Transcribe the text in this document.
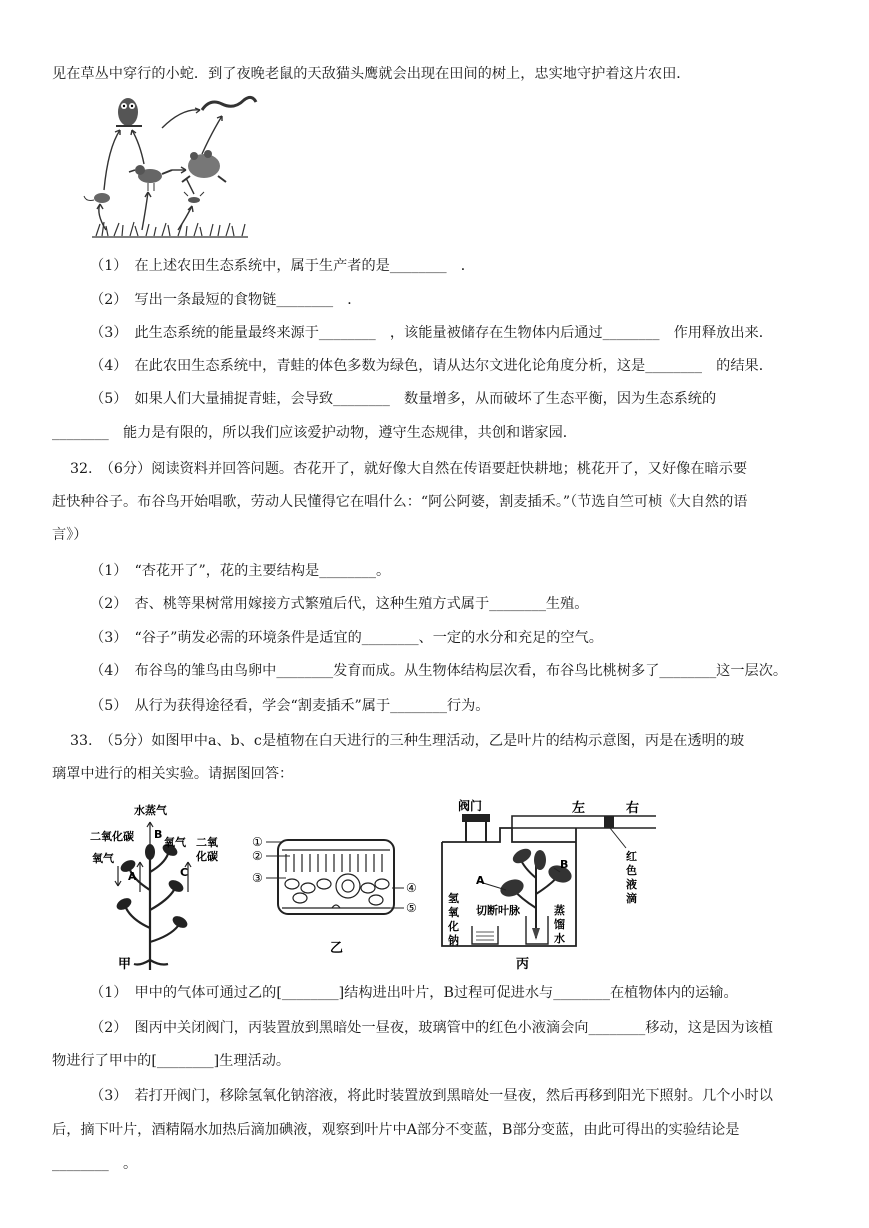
见在草丛中穿行的小蛇．到了夜晚老鼠的天敌猫头鹰就会出现在田间的树上，忠实地守护着这片农田．
（1）　在上述农田生态系统中，属于生产者的是________　．
（2）　写出一条最短的食物链________　．
（3）　此生态系统的能量最终来源于________　，该能量被储存在生物体内后通过________　作用释放出来．
（4）　在此农田生态系统中，青蛙的体色多数为绿色，请从达尔文进化论角度分析，这是________　的结果．
（5）　如果人们大量捕捉青蛙，会导致________　数量增多，从而破坏了生态平衡，因为生态系统的
________　能力是有限的，所以我们应该爱护动物，遵守生态规律，共创和谐家园．
32.　（6分）阅读资料并回答问题。杏花开了，就好像大自然在传语要赶快耕地；桃花开了，又好像在暗示要
赶快种谷子。布谷鸟开始唱歌，劳动人民懂得它在唱什么：“阿公阿婆，割麦插禾。”（节选自竺可桢《大自然的语
言》）
（1）　“杏花开了”，花的主要结构是________。
（2）　杏、桃等果树常用嫁接方式繁殖后代，这种生殖方式属于________生殖。
（3）　“谷子”萌发必需的环境条件是适宜的________、一定的水分和充足的空气。
（4）　布谷鸟的雏鸟由鸟卵中________发育而成。从生物体结构层次看，布谷鸟比桃树多了________这一层次。
（5）　从行为获得途径看，学会“割麦插禾”属于________行为。
33.　（5分）如图甲中a、b、c是植物在白天进行的三种生理活动，乙是叶片的结构示意图，丙是在透明的玻
璃罩中进行的相关实验。请据图回答：
水蒸气
二氧化碳	氧气
氧气
二氧
化碳
A
B
C
甲
①
②
③
④
⑤
乙
阀门	左	右
红
色
液
滴
A
B
氢
氧
化
钠
切断叶脉	蒸
馏
水
丙
（1）　甲中的气体可通过乙的[________]结构进出叶片，B过程可促进水与________在植物体内的运输。
（2）　图丙中关闭阀门，丙装置放到黑暗处一昼夜，玻璃管中的红色小液滴会向________移动，这是因为该植
物进行了甲中的[________]生理活动。
（3）　若打开阀门，移除氢氧化钠溶液，将此时装置放到黑暗处一昼夜，然后再移到阳光下照射。几个小时以
后，摘下叶片，酒精隔水加热后滴加碘液，观察到叶片中A部分不变蓝，B部分变蓝，由此可得出的实验结论是
________　。
